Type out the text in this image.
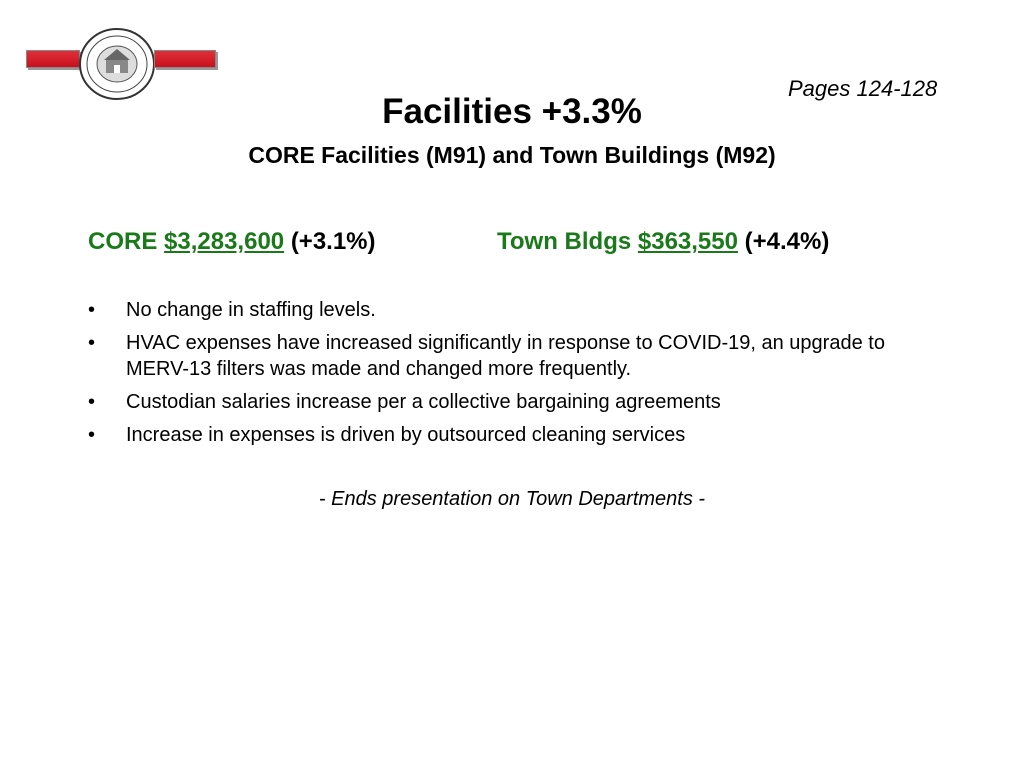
Pages 124-128
Facilities +3.3%
CORE Facilities (M91) and Town Buildings (M92)
CORE $3,283,600 (+3.1%)	Town Bldgs $363,550 (+4.4%)
• No change in staffing levels.
• HVAC expenses have increased significantly in response to COVID-19, an upgrade to MERV-13 filters was made and changed more frequently.
• Custodian salaries increase per a collective bargaining agreements
• Increase in expenses is driven by outsourced cleaning services
- Ends presentation on Town Departments -
